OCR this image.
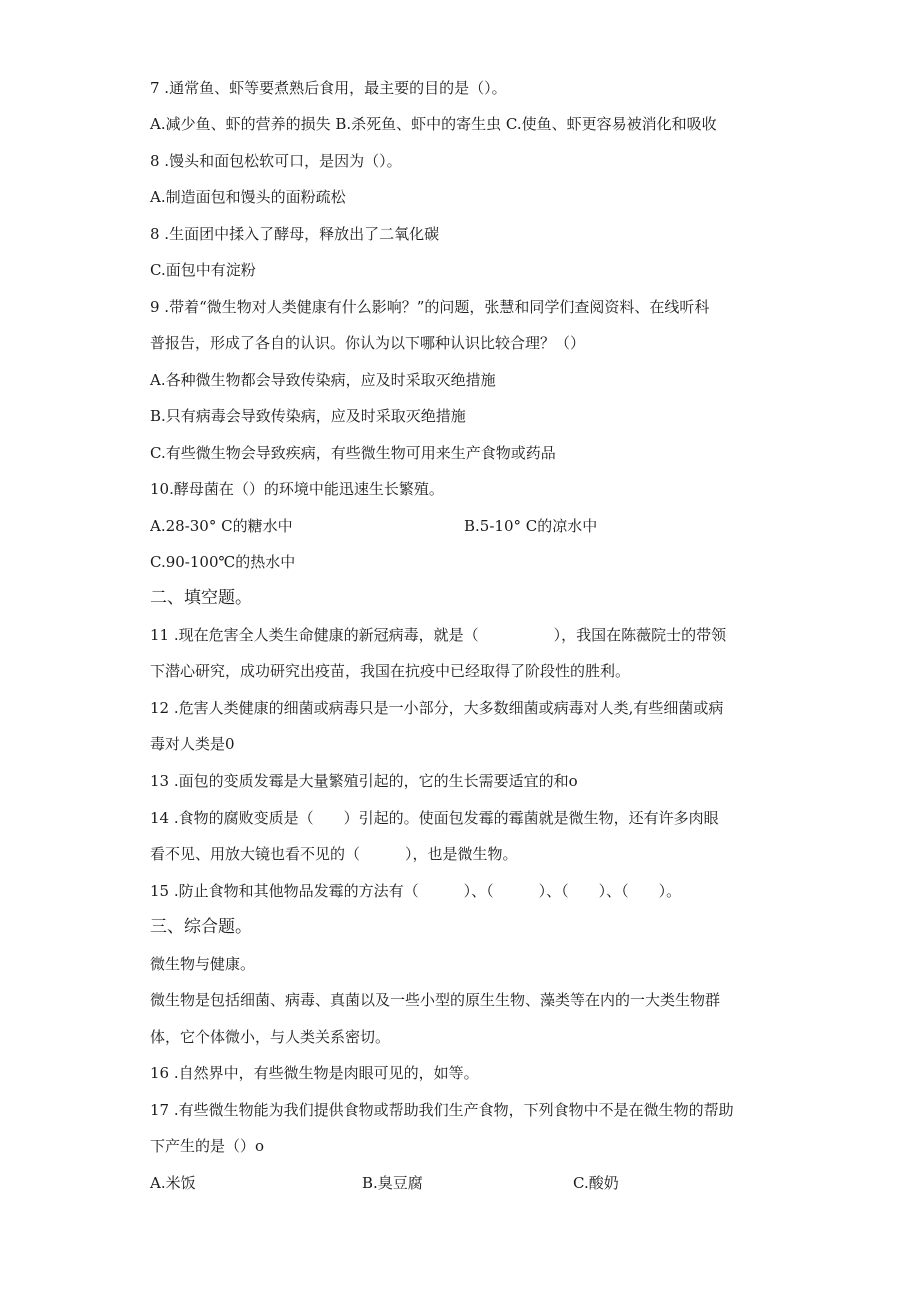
7 .通常鱼、虾等要煮熟后食用，最主要的目的是（）。
A.减少鱼、虾的营养的损失 B.杀死鱼、虾中的寄生虫 C.使鱼、虾更容易被消化和吸收
8 .馒头和面包松软可口，是因为（）。
A.制造面包和馒头的面粉疏松
8 .生面团中揉入了酵母，释放出了二氧化碳
C.面包中有淀粉
9 .带着“微生物对人类健康有什么影响？”的问题，张慧和同学们查阅资料、在线听科
普报告，形成了各自的认识。你认为以下哪种认识比较合理？（）
A.各种微生物都会导致传染病，应及时采取灭绝措施
B.只有病毒会导致传染病，应及时采取灭绝措施
C.有些微生物会导致疾病，有些微生物可用来生产食物或药品
10.酵母菌在（）的环境中能迅速生长繁殖。
A.28-30° C的糖水中	B.5-10° C的凉水中
C.90-100℃的热水中
二、填空题。
11 .现在危害全人类生命健康的新冠病毒，就是（　　　　　），我国在陈薇院士的带领
下潜心研究，成功研究出疫苗，我国在抗疫中已经取得了阶段性的胜利。
12 .危害人类健康的细菌或病毒只是一小部分，大多数细菌或病毒对人类,有些细菌或病
毒对人类是0
13 .面包的变质发霉是大量繁殖引起的，它的生长需要适宜的和o
14 .食物的腐败变质是（　　）引起的。使面包发霉的霉菌就是微生物，还有许多肉眼
看不见、用放大镜也看不见的（　　　），也是微生物。
15 .防止食物和其他物品发霉的方法有（　　　）、（　　　）、（　　）、（　　）。
三、综合题。
微生物与健康。
微生物是包括细菌、病毒、真菌以及一些小型的原生生物、藻类等在内的一大类生物群
体，它个体微小，与人类关系密切。
16 .自然界中，有些微生物是肉眼可见的，如等。
17 .有些微生物能为我们提供食物或帮助我们生产食物，下列食物中不是在微生物的帮助
下产生的是（）o
A.米饭	B.臭豆腐	C.酸奶
